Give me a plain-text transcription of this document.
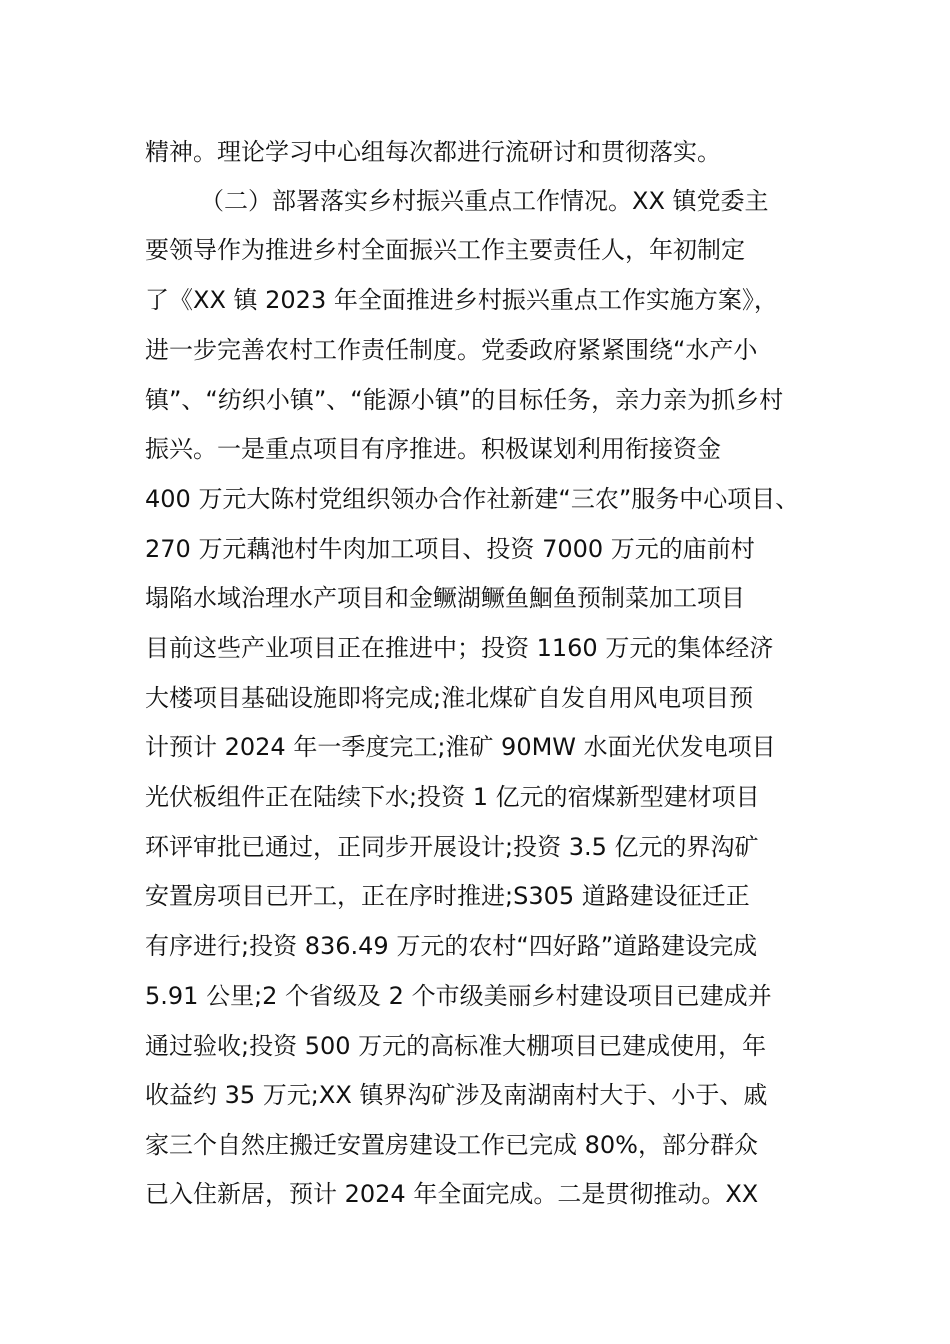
精神。理论学习中心组每次都进行流研讨和贯彻落实。
（二）部署落实乡村振兴重点工作情况。XX 镇党委主
要领导作为推进乡村全面振兴工作主要责任人，年初制定
了《XX 镇 2023 年全面推进乡村振兴重点工作实施方案》，
进一步完善农村工作责任制度。党委政府紧紧围绕“水产小
镇”、“纺织小镇”、“能源小镇”的目标任务，亲力亲为抓乡村
振兴。一是重点项目有序推进。积极谋划利用衔接资金
400 万元大陈村党组织领办合作社新建“三农”服务中心项目、
270 万元藕池村牛肉加工项目、投资 7000 万元的庙前村
塌陷水域治理水产项目和金鳜湖鳜鱼鮰鱼预制菜加工项目
目前这些产业项目正在推进中；投资 1160 万元的集体经济
大楼项目基础设施即将完成;淮北煤矿自发自用风电项目预
计预计 2024 年一季度完工;淮矿 90MW 水面光伏发电项目
光伏板组件正在陆续下水;投资 1 亿元的宿煤新型建材项目
环评审批已通过，正同步开展设计;投资 3.5 亿元的界沟矿
安置房项目已开工，正在序时推进;S305 道路建设征迁正
有序进行;投资 836.49 万元的农村“四好路”道路建设完成
5.91 公里;2 个省级及 2 个市级美丽乡村建设项目已建成并
通过验收;投资 500 万元的高标准大棚项目已建成使用，年
收益约 35 万元;XX 镇界沟矿涉及南湖南村大于、小于、戚
家三个自然庄搬迁安置房建设工作已完成 80%，部分群众
已入住新居，预计 2024 年全面完成。二是贯彻推动。XX
